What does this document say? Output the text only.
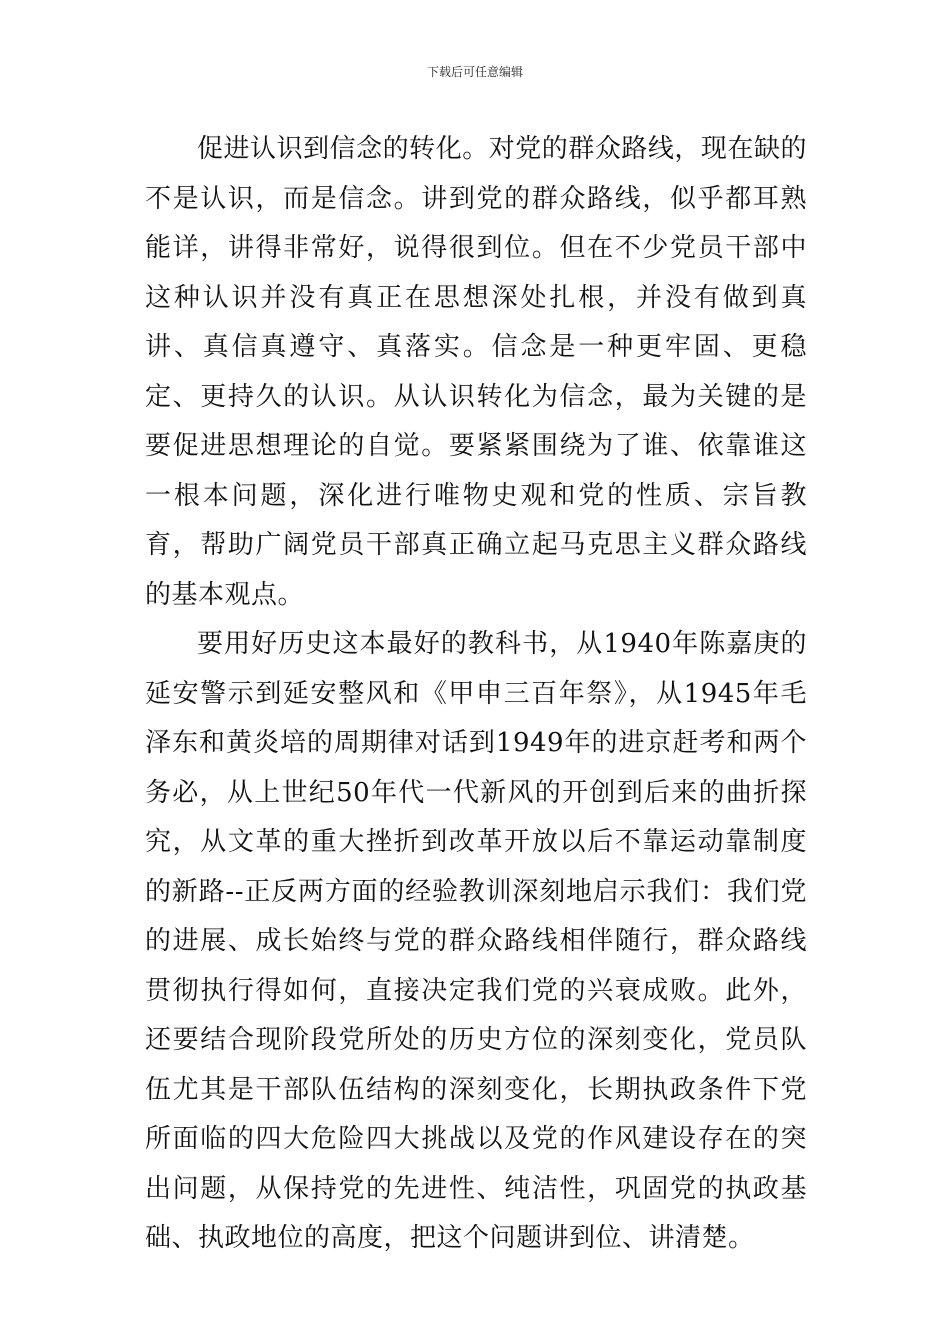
下载后可任意编辑

促进认识到信念的转化。对党的群众路线，现在缺的不是认识，而是信念。讲到党的群众路线，似乎都耳熟能详，讲得非常好，说得很到位。但在不少党员干部中这种认识并没有真正在思想深处扎根，并没有做到真讲、真信真遵守、真落实。信念是一种更牢固、更稳定、更持久的认识。从认识转化为信念，最为关键的是要促进思想理论的自觉。要紧紧围绕为了谁、依靠谁这一根本问题，深化进行唯物史观和党的性质、宗旨教育，帮助广阔党员干部真正确立起马克思主义群众路线的基本观点。

要用好历史这本最好的教科书，从1940年陈嘉庚的延安警示到延安整风和《甲申三百年祭》，从1945年毛泽东和黄炎培的周期律对话到1949年的进京赶考和两个务必，从上世纪50年代一代新风的开创到后来的曲折探究，从文革的重大挫折到改革开放以后不靠运动靠制度的新路--正反两方面的经验教训深刻地启示我们：我们党的进展、成长始终与党的群众路线相伴随行，群众路线贯彻执行得如何，直接决定我们党的兴衰成败。此外，还要结合现阶段党所处的历史方位的深刻变化，党员队伍尤其是干部队伍结构的深刻变化，长期执政条件下党所面临的四大危险四大挑战以及党的作风建设存在的突出问题，从保持党的先进性、纯洁性，巩固党的执政基础、执政地位的高度，把这个问题讲到位、讲清楚。
